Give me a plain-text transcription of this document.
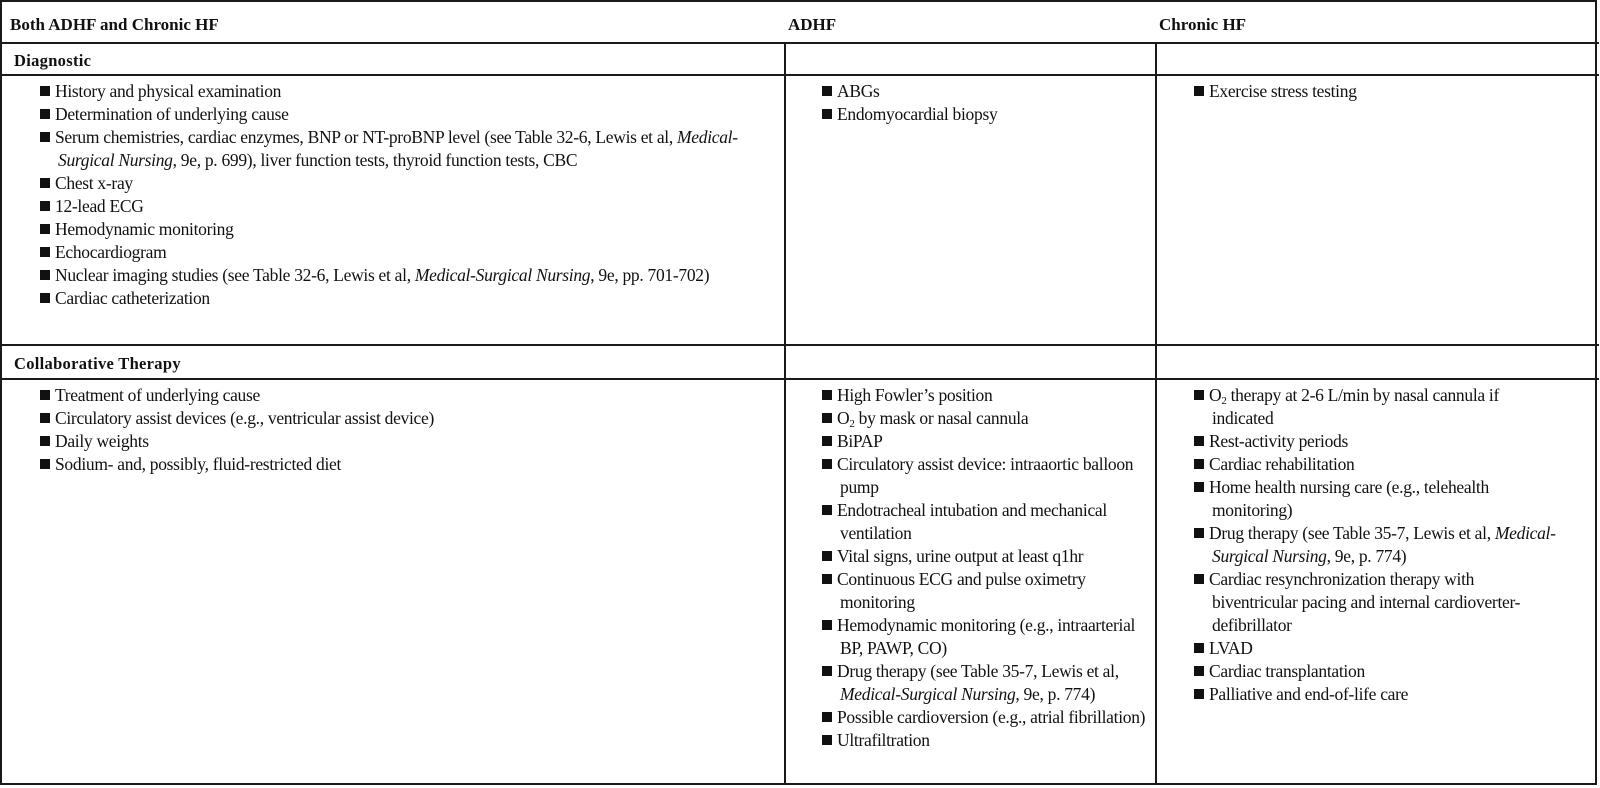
Both ADHF and Chronic HF	ADHF	Chronic HF
Diagnostic
History and physical examination
Determination of underlying cause
Serum chemistries, cardiac enzymes, BNP or NT-proBNP level (see Table 32-6, Lewis et al, Medical-Surgical Nursing, 9e, p. 699), liver function tests, thyroid function tests, CBC
Chest x-ray
12-lead ECG
Hemodynamic monitoring
Echocardiogram
Nuclear imaging studies (see Table 32-6, Lewis et al, Medical-Surgical Nursing, 9e, pp. 701-702)
Cardiac catheterization
ABGs
Endomyocardial biopsy
Exercise stress testing
Collaborative Therapy
Treatment of underlying cause
Circulatory assist devices (e.g., ventricular assist device)
Daily weights
Sodium- and, possibly, fluid-restricted diet
High Fowler’s position
$O_2$ by mask or nasal cannula
BiPAP
Circulatory assist device: intraaortic balloon pump
Endotracheal intubation and mechanical ventilation
Vital signs, urine output at least q1hr
Continuous ECG and pulse oximetry monitoring
Hemodynamic monitoring (e.g., intraarterial BP, PAWP, CO)
Drug therapy (see Table 35-7, Lewis et al, Medical-Surgical Nursing, 9e, p. 774)
Possible cardioversion (e.g., atrial fibrillation)
Ultrafiltration
$O_2$ therapy at 2-6 L/min by nasal cannula if indicated
Rest-activity periods
Cardiac rehabilitation
Home health nursing care (e.g., telehealth monitoring)
Drug therapy (see Table 35-7, Lewis et al, Medical-Surgical Nursing, 9e, p. 774)
Cardiac resynchronization therapy with biventricular pacing and internal cardioverter-defibrillator
LVAD
Cardiac transplantation
Palliative and end-of-life care
